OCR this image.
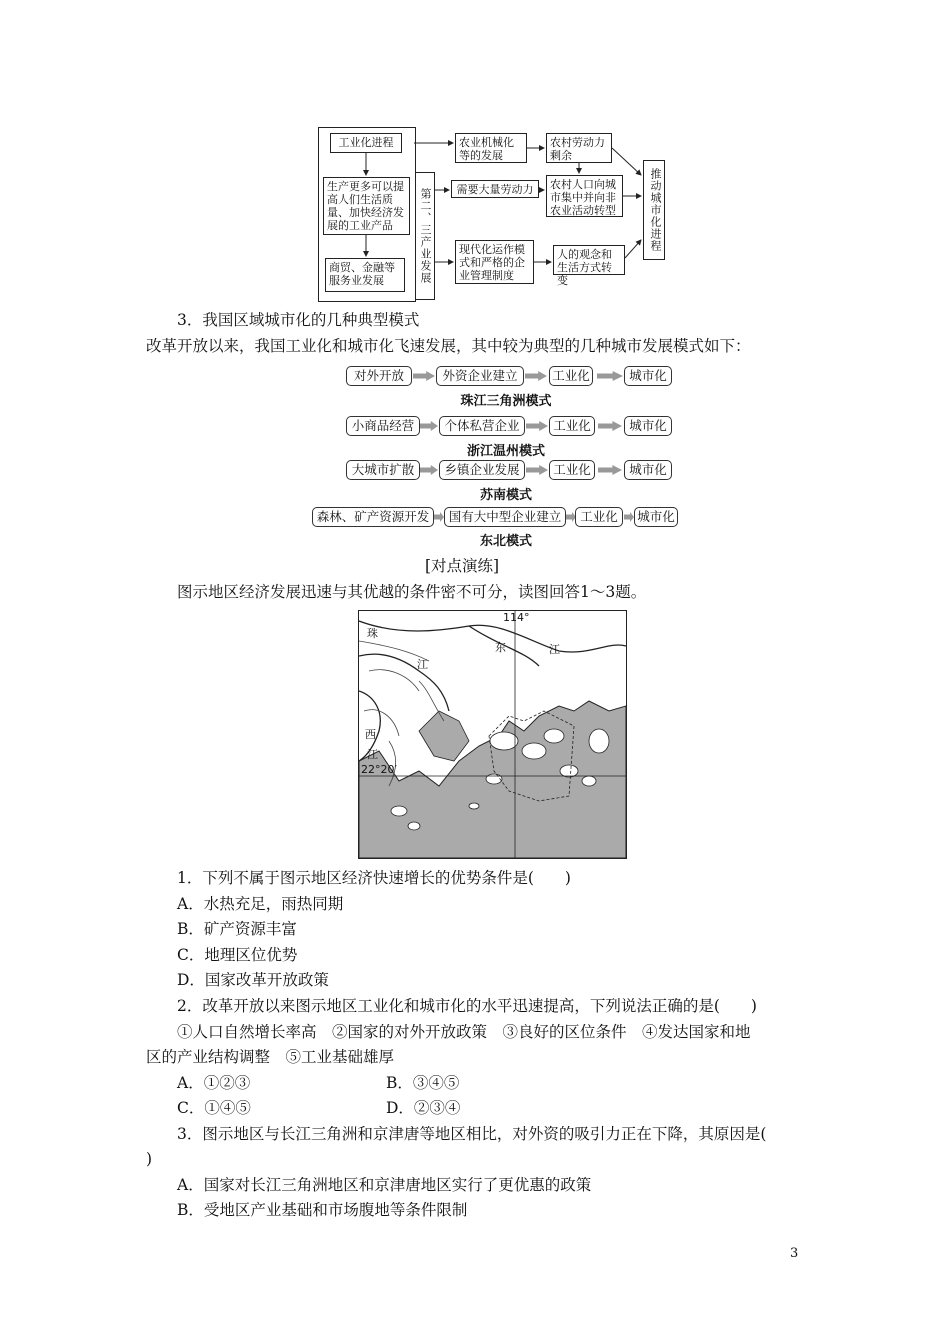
工业化进程
生产更多可以提高人们生活质量、加快经济发展的工业产品
商贸、金融等服务业发展	第二、三产业发展
农业机械化等的发展
农村劳动力剩余
需要大量劳动力	农村人口向城市集中并向非农业活动转型
现代化运作模式和严格的企业管理制度
人的观念和生活方式转变
推动城市化进程
3．我国区域城市化的几种典型模式
改革开放以来，我国工业化和城市化飞速发展，其中较为典型的几种城市发展模式如下：
对外开放	外资企业建立	工业化	城市化
珠江三角洲模式
小商品经营	个体私营企业	工业化	城市化
浙江温州模式
大城市扩散	乡镇企业发展	工业化	城市化
苏南模式
森林、矿产资源开发	国有大中型企业建立	工业化	城市化
东北模式
[对点演练]
图示地区经济发展迅速与其优越的条件密不可分，读图回答1～3题。
114°
22°20′
珠
东	江
江
西
江
1．下列不属于图示地区经济快速增长的优势条件是(　　)
A．水热充足，雨热同期
B．矿产资源丰富
C．地理区位优势
D．国家改革开放政策
2．改革开放以来图示地区工业化和城市化的水平迅速提高，下列说法正确的是(　　)
①人口自然增长率高　②国家的对外开放政策　③良好的区位条件　④发达国家和地
区的产业结构调整　⑤工业基础雄厚
A．①②③	B．③④⑤
C．①④⑤	D．②③④
3．图示地区与长江三角洲和京津唐等地区相比，对外资的吸引力正在下降，其原因是(
)
A．国家对长江三角洲地区和京津唐地区实行了更优惠的政策
B．受地区产业基础和市场腹地等条件限制
3
